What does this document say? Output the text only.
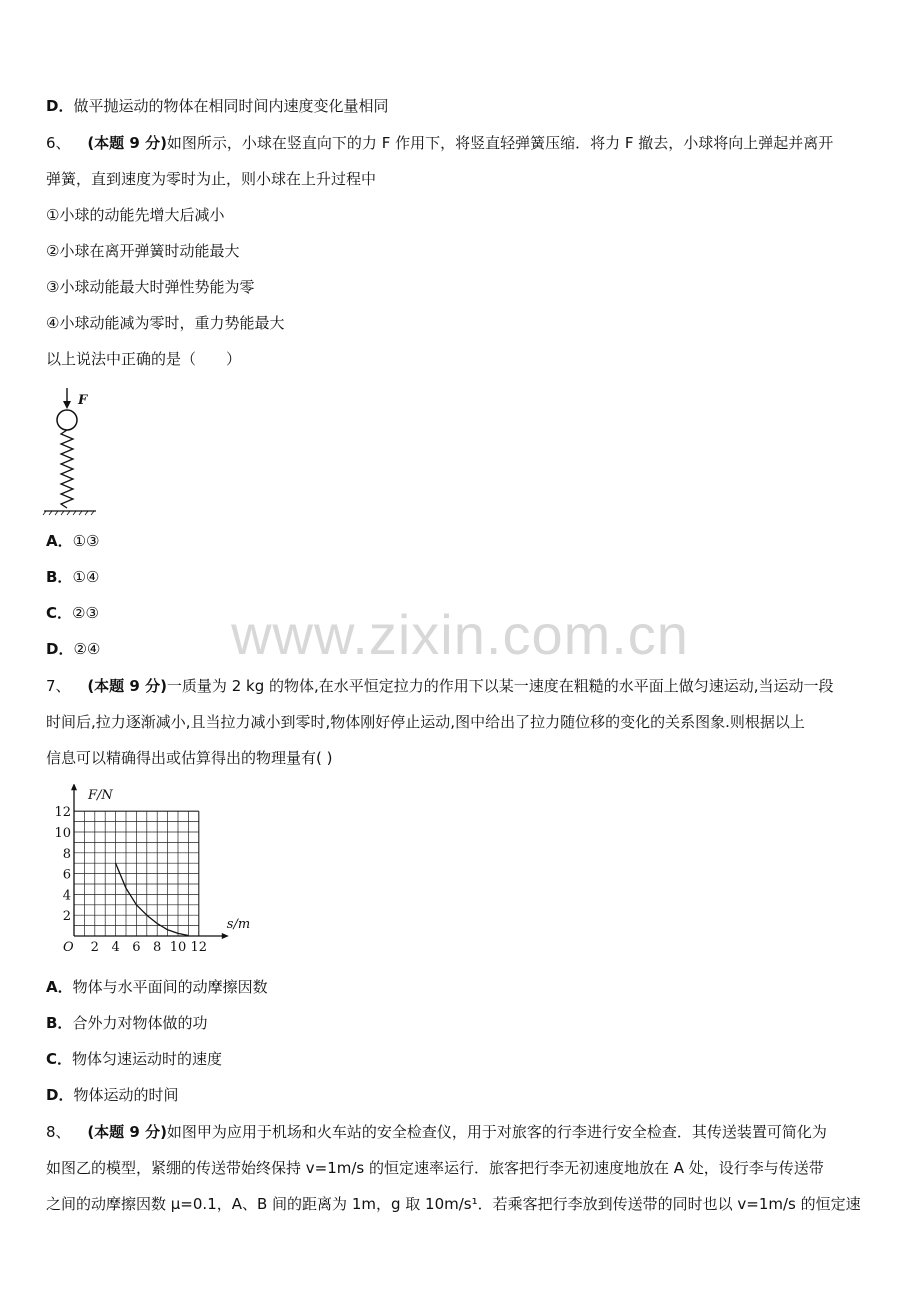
www.zixin.com.cn
D．做平抛运动的物体在相同时间内速度变化量相同
6、 (本题 9 分)如图所示，小球在竖直向下的力 F 作用下，将竖直轻弹簧压缩．将力 F 撤去，小球将向上弹起并离开
弹簧，直到速度为零时为止，则小球在上升过程中
①小球的动能先增大后减小
②小球在离开弹簧时动能最大
③小球动能最大时弹性势能为零
④小球动能减为零时，重力势能最大
以上说法中正确的是（　　）
F
A．①③
B．①④
C．②③
D．②④
7、 (本题 9 分)一质量为 2 kg 的物体,在水平恒定拉力的作用下以某一速度在粗糙的水平面上做匀速运动,当运动一段
时间后,拉力逐渐减小,且当拉力减小到零时,物体刚好停止运动,图中给出了拉力随位移的变化的关系图象.则根据以上
信息可以精确得出或估算得出的物理量有( )
2 4 6 8 10 12
2
4
6
8
10
12
O
F/N
s/m
A．物体与水平面间的动摩擦因数
B．合外力对物体做的功
C．物体匀速运动时的速度
D．物体运动的时间
8、 (本题 9 分)如图甲为应用于机场和火车站的安全检查仪，用于对旅客的行李进行安全检查．其传送装置可简化为
如图乙的模型，紧绷的传送带始终保持 v=1m/s 的恒定速率运行．旅客把行李无初速度地放在 A 处，设行李与传送带
之间的动摩擦因数 μ=0.1，A、B 间的距离为 1m，g 取 10m/s¹．若乘客把行李放到传送带的同时也以 v=1m/s 的恒定速
